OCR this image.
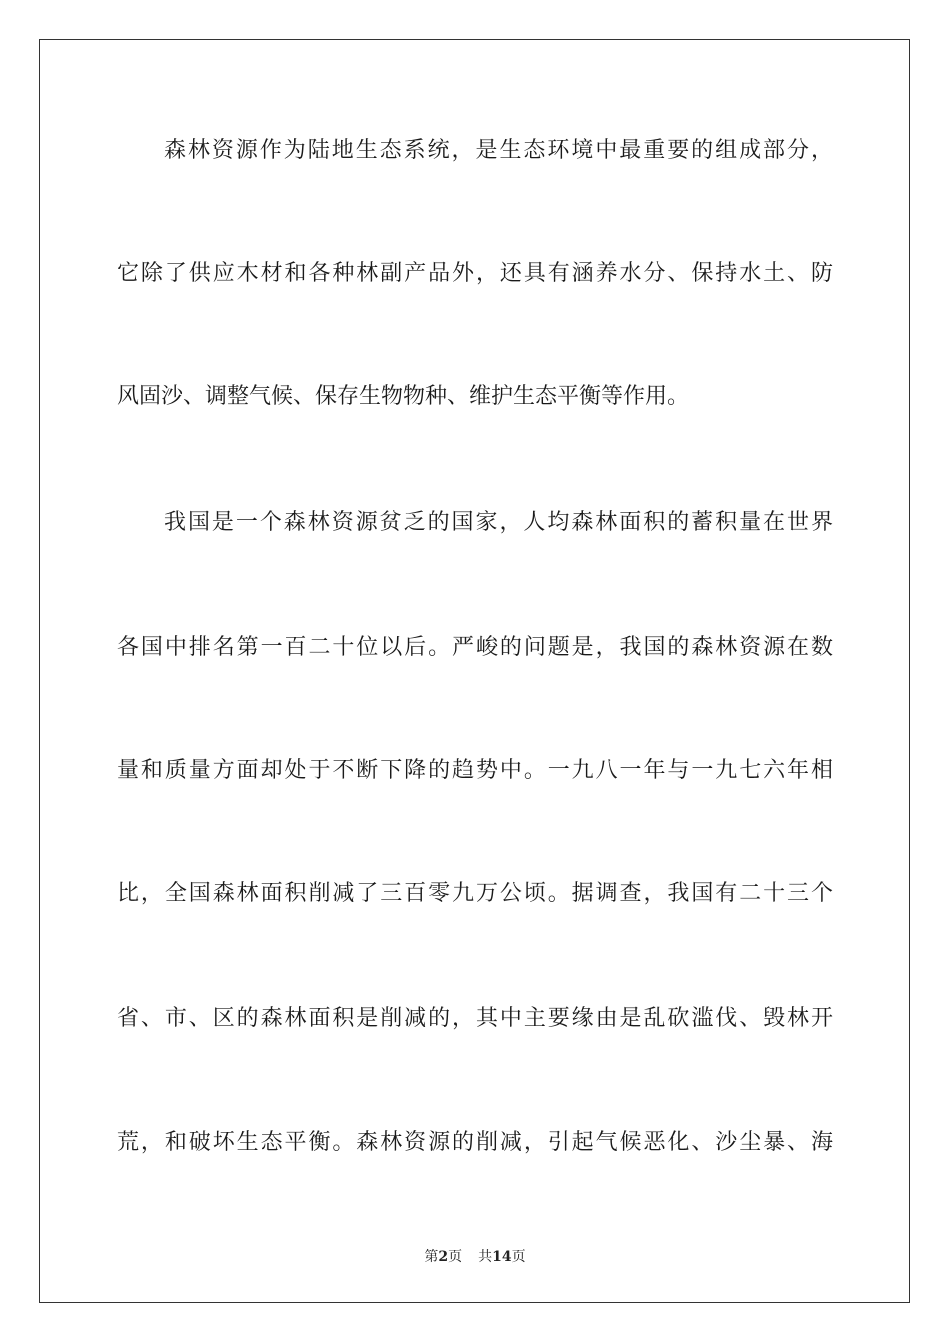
森林资源作为陆地生态系统，是生态环境中最重要的组成部分，
它除了供应木材和各种林副产品外，还具有涵养水分、保持水土、防
风固沙、调整气候、保存生物物种、维护生态平衡等作用。
我国是一个森林资源贫乏的国家，人均森林面积的蓄积量在世界
各国中排名第一百二十位以后。严峻的问题是，我国的森林资源在数
量和质量方面却处于不断下降的趋势中。一九八一年与一九七六年相
比，全国森林面积削减了三百零九万公顷。据调查，我国有二十三个
省、市、区的森林面积是削减的，其中主要缘由是乱砍滥伐、毁林开
荒，和破坏生态平衡。森林资源的削减，引起气候恶化、沙尘暴、海
第2页 共14页
